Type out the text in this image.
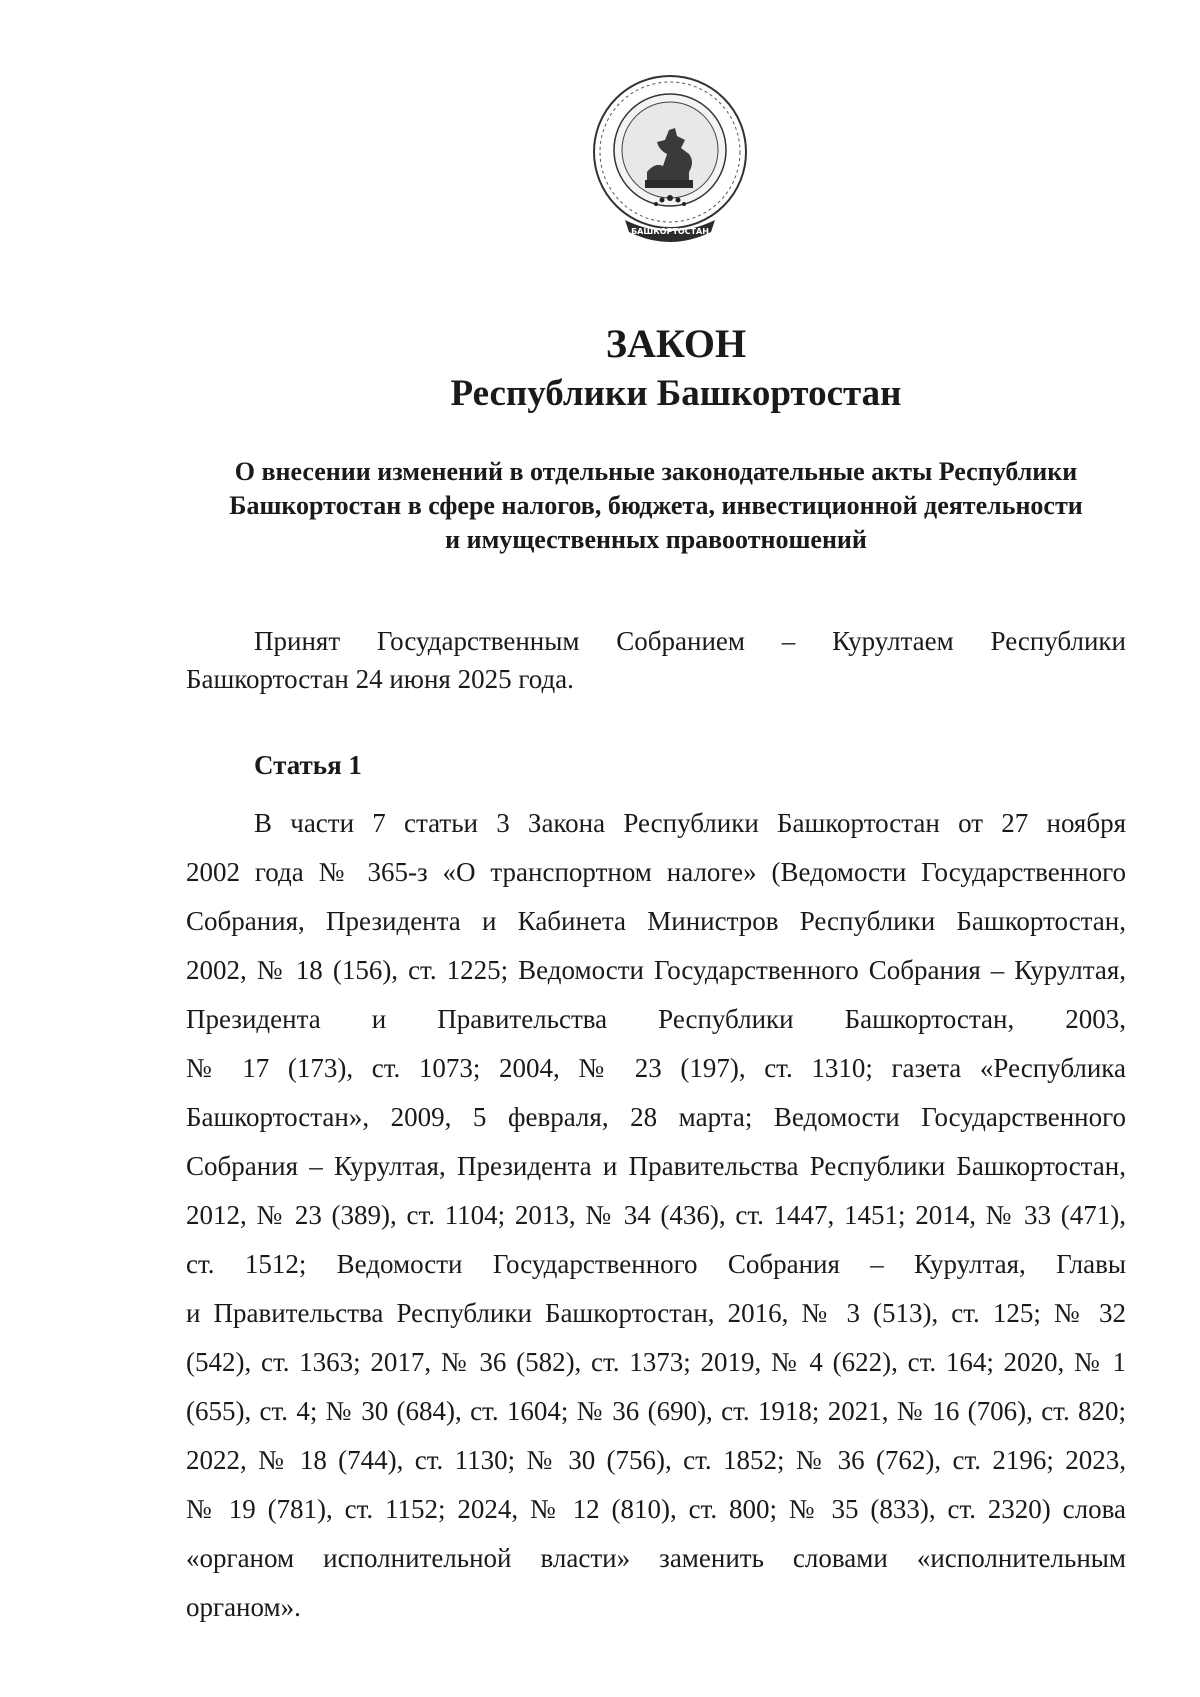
БАШКОРТОСТАН
ЗАКОН
Республики Башкортостан
О внесении изменений в отдельные законодательные акты Республики
Башкортостан в сфере налогов, бюджета, инвестиционной деятельности
и имущественных правоотношений
Принят Государственным Собранием – Курултаем Республики
Башкортостан 24 июня 2025 года.
Статья 1
В части 7 статьи 3 Закона Республики Башкортостан от 27 ноября
2002 года № 365-з «О транспортном налоге» (Ведомости Государственного
Собрания, Президента и Кабинета Министров Республики Башкортостан,
2002, № 18 (156), ст. 1225; Ведомости Государственного Собрания – Курултая,
Президента и Правительства Республики Башкортостан, 2003,
№ 17 (173), ст. 1073; 2004, № 23 (197), ст. 1310; газета «Республика
Башкортостан», 2009, 5 февраля, 28 марта; Ведомости Государственного
Собрания – Курултая, Президента и Правительства Республики Башкортостан,
2012, № 23 (389), ст. 1104; 2013, № 34 (436), ст. 1447, 1451; 2014, № 33 (471),
ст. 1512; Ведомости Государственного Собрания – Курултая, Главы
и Правительства Республики Башкортостан, 2016, № 3 (513), ст. 125; № 32
(542), ст. 1363; 2017, № 36 (582), ст. 1373; 2019, № 4 (622), ст. 164; 2020, № 1
(655), ст. 4; № 30 (684), ст. 1604; № 36 (690), ст. 1918; 2021, № 16 (706), ст. 820;
2022, № 18 (744), ст. 1130; № 30 (756), ст. 1852; № 36 (762), ст. 2196; 2023,
№ 19 (781), ст. 1152; 2024, № 12 (810), ст. 800; № 35 (833), ст. 2320) слова
«органом исполнительной власти» заменить словами «исполнительным
органом».
